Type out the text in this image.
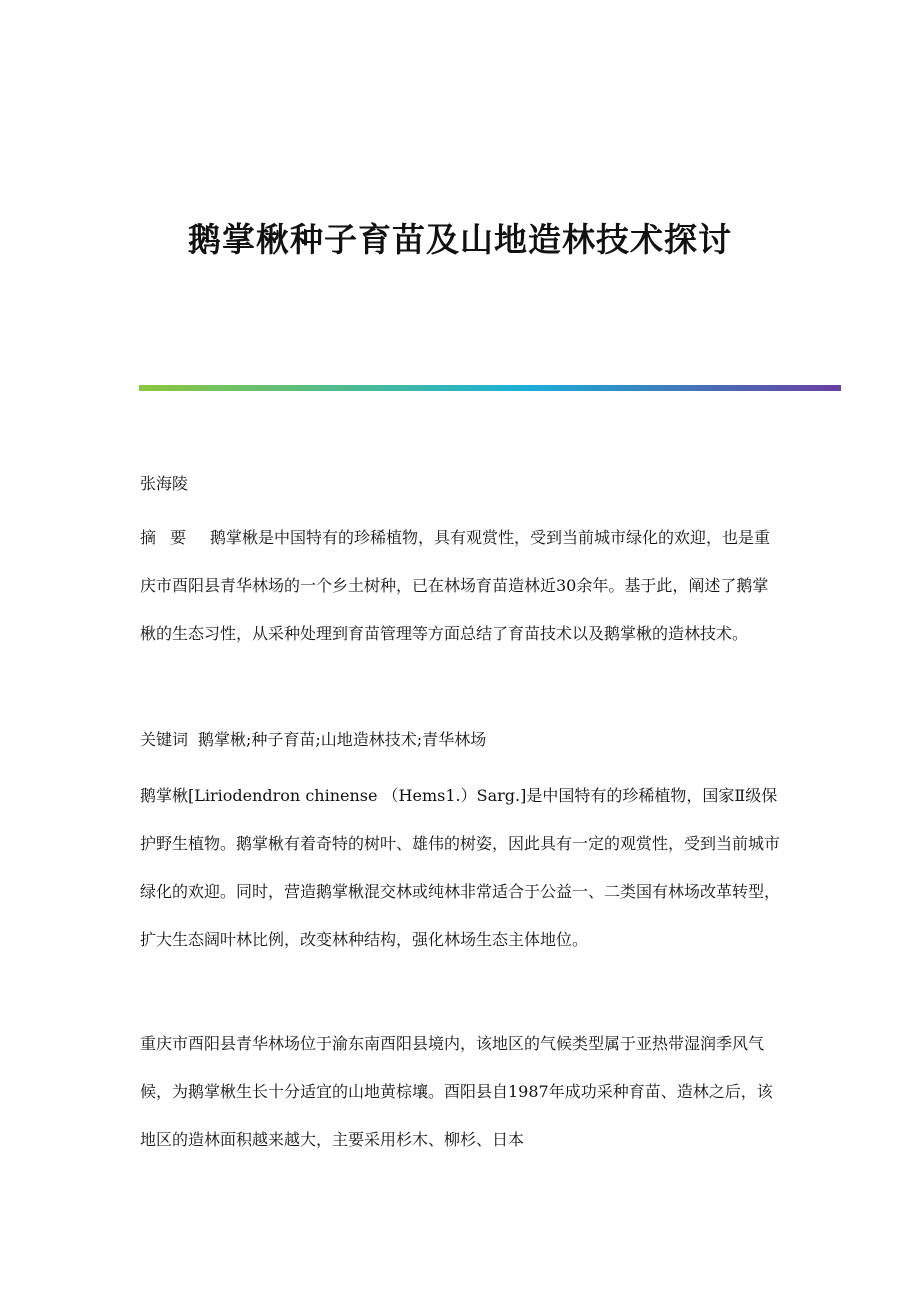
鹅掌楸种子育苗及山地造林技术探讨

张海陵

摘要 鹅掌楸是中国特有的珍稀植物，具有观赏性，受到当前城市绿化的欢迎，也是重庆市酉阳县青华林场的一个乡土树种，已在林场育苗造林近30余年。基于此，阐述了鹅掌楸的生态习性，从采种处理到育苗管理等方面总结了育苗技术以及鹅掌楸的造林技术。

关键词 鹅掌楸;种子育苗;山地造林技术;青华林场

鹅掌楸[Liriodendron chinense （Hems1.）Sarg.]是中国特有的珍稀植物，国家Ⅱ级保护野生植物。鹅掌楸有着奇特的树叶、雄伟的树姿，因此具有一定的观赏性，受到当前城市绿化的欢迎。同时，营造鹅掌楸混交林或纯林非常适合于公益一、二类国有林场改革转型，扩大生态阔叶林比例，改变林种结构，强化林场生态主体地位。

重庆市酉阳县青华林场位于渝东南酉阳县境内，该地区的气候类型属于亚热带湿润季风气候，为鹅掌楸生长十分适宜的山地黄棕壤。酉阳县自1987年成功采种育苗、造林之后，该地区的造林面积越来越大，主要采用杉木、柳杉、日本
